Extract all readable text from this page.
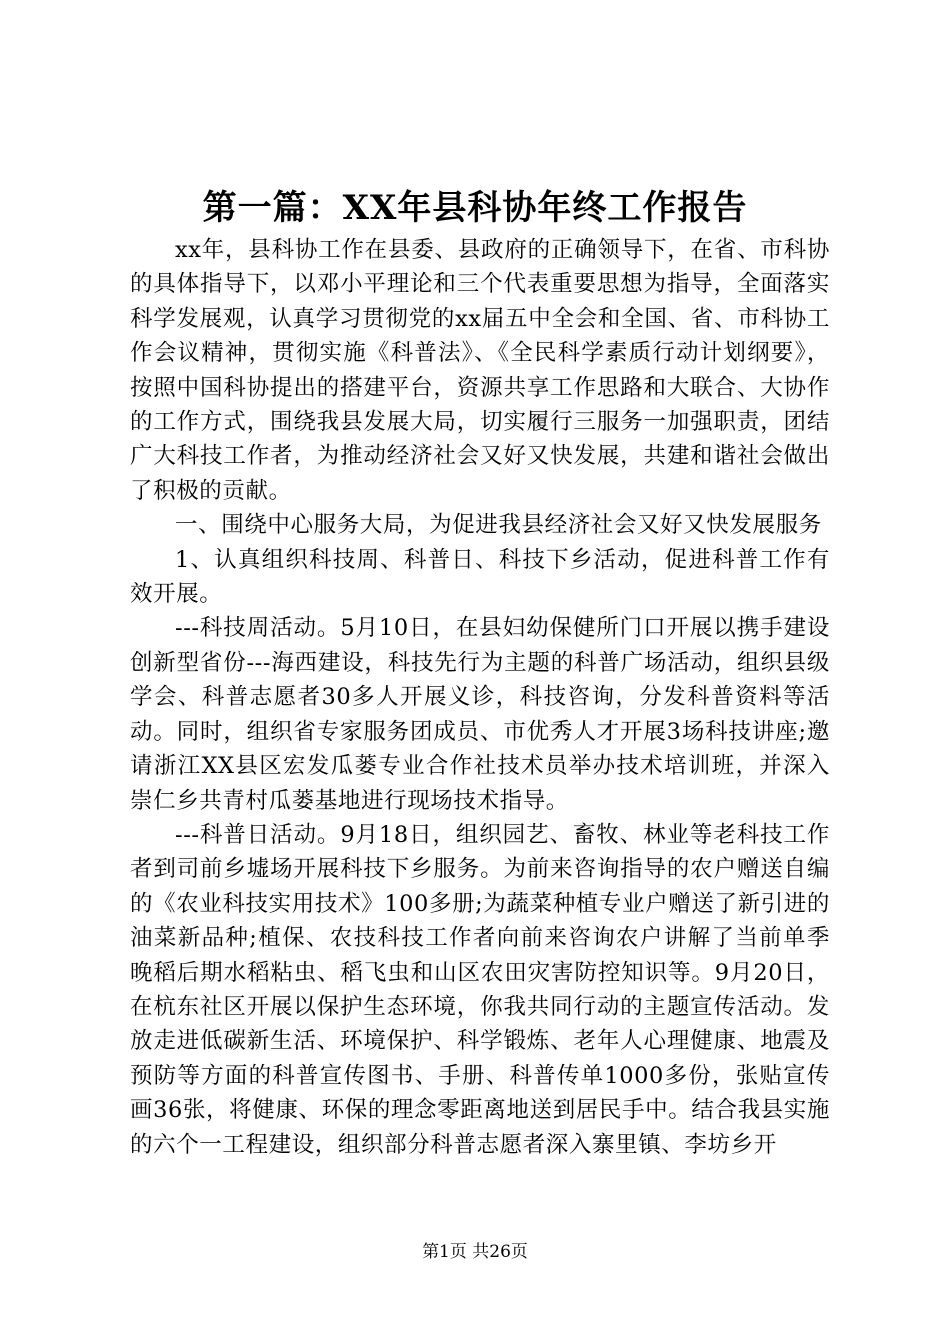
第一篇：XX年县科协年终工作报告

xx年，县科协工作在县委、县政府的正确领导下，在省、市科协的具体指导下，以邓小平理论和三个代表重要思想为指导，全面落实科学发展观，认真学习贯彻党的xx届五中全会和全国、省、市科协工作会议精神，贯彻实施《科普法》、《全民科学素质行动计划纲要》，按照中国科协提出的搭建平台，资源共享工作思路和大联合、大协作的工作方式，围绕我县发展大局，切实履行三服务一加强职责，团结广大科技工作者，为推动经济社会又好又快发展，共建和谐社会做出了积极的贡献。

一、围绕中心服务大局，为促进我县经济社会又好又快发展服务

1、认真组织科技周、科普日、科技下乡活动，促进科普工作有效开展。

---科技周活动。5月10日，在县妇幼保健所门口开展以携手建设创新型省份---海西建设，科技先行为主题的科普广场活动，组织县级学会、科普志愿者30多人开展义诊，科技咨询，分发科普资料等活动。同时，组织省专家服务团成员、市优秀人才开展3场科技讲座;邀请浙江XX县区宏发瓜蒌专业合作社技术员举办技术培训班，并深入崇仁乡共青村瓜蒌基地进行现场技术指导。

---科普日活动。9月18日，组织园艺、畜牧、林业等老科技工作者到司前乡墟场开展科技下乡服务。为前来咨询指导的农户赠送自编的《农业科技实用技术》100多册;为蔬菜种植专业户赠送了新引进的油菜新品种;植保、农技科技工作者向前来咨询农户讲解了当前单季晚稻后期水稻粘虫、稻飞虫和山区农田灾害防控知识等。9月20日，在杭东社区开展以保护生态环境，你我共同行动的主题宣传活动。发放走进低碳新生活、环境保护、科学锻炼、老年人心理健康、地震及预防等方面的科普宣传图书、手册、科普传单1000多份，张贴宣传画36张，将健康、环保的理念零距离地送到居民手中。结合我县实施的六个一工程建设，组织部分科普志愿者深入寨里镇、李坊乡开

第1页 共26页
